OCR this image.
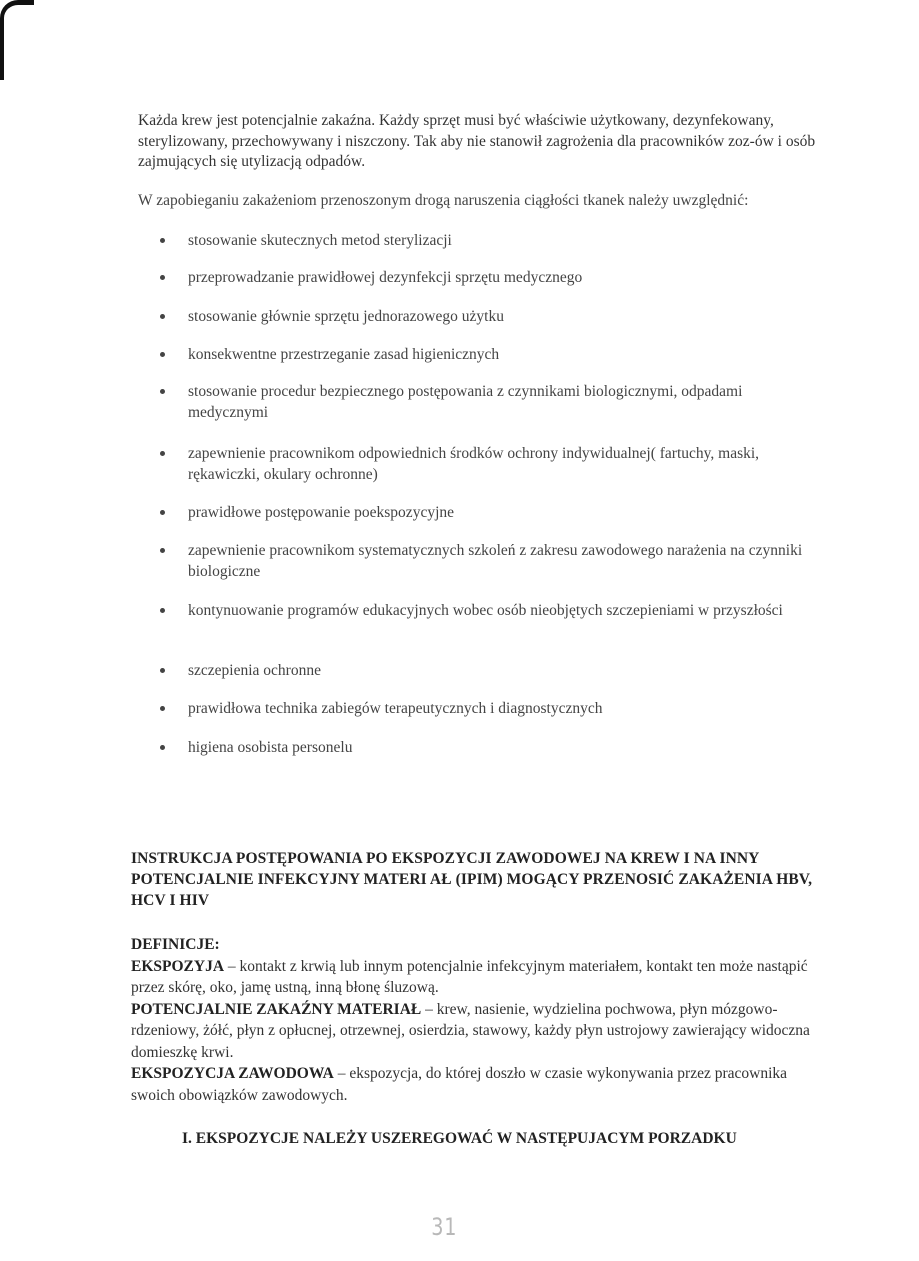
Każda krew jest potencjalnie zakaźna. Każdy sprzęt musi być właściwie użytkowany, dezynfekowany, sterylizowany, przechowywany i niszczony. Tak aby nie stanowił zagrożenia dla pracowników zoz-ów i osób zajmujących się utylizacją odpadów.

W zapobieganiu zakażeniom przenoszonym drogą naruszenia ciągłości tkanek należy uwzględnić:

stosowanie skutecznych metod sterylizacji
przeprowadzanie prawidłowej dezynfekcji sprzętu medycznego
stosowanie głównie sprzętu jednorazowego użytku
konsekwentne przestrzeganie zasad higienicznych
stosowanie procedur bezpiecznego postępowania z czynnikami biologicznymi, odpadami medycznymi
zapewnienie pracownikom odpowiednich środków ochrony indywidualnej( fartuchy, maski, rękawiczki, okulary ochronne)
prawidłowe postępowanie poekspozycyjne
zapewnienie pracownikom systematycznych szkoleń z zakresu zawodowego narażenia na czynniki biologiczne
kontynuowanie programów edukacyjnych wobec osób nieobjętych szczepieniami w przyszłości
szczepienia ochronne
prawidłowa technika zabiegów terapeutycznych i diagnostycznych
higiena osobista personelu

INSTRUKCJA POSTĘPOWANIA PO EKSPOZYCJI ZAWODOWEJ NA KREW I NA INNY POTENCJALNIE INFEKCYJNY MATERI AŁ (IPIM) MOGĄCY PRZENOSIĆ ZAKAŻENIA HBV, HCV I HIV

DEFINICJE:
EKSPOZYJA – kontakt z krwią lub innym potencjalnie infekcyjnym materiałem, kontakt ten może nastąpić przez skórę, oko, jamę ustną, inną błonę śluzową.
POTENCJALNIE ZAKAŹNY MATERIAŁ – krew, nasienie, wydzielina pochwowa, płyn mózgowo-rdzeniowy, żółć, płyn z opłucnej, otrzewnej, osierdzia, stawowy, każdy płyn ustrojowy zawierający widoczna domieszkę krwi.
EKSPOZYCJA ZAWODOWA – ekspozycja, do której doszło w czasie wykonywania przez pracownika swoich obowiązków zawodowych.
I. EKSPOZYCJE NALEŻY USZEREGOWAĆ W NASTĘPUJACYM PORZADKU
31
